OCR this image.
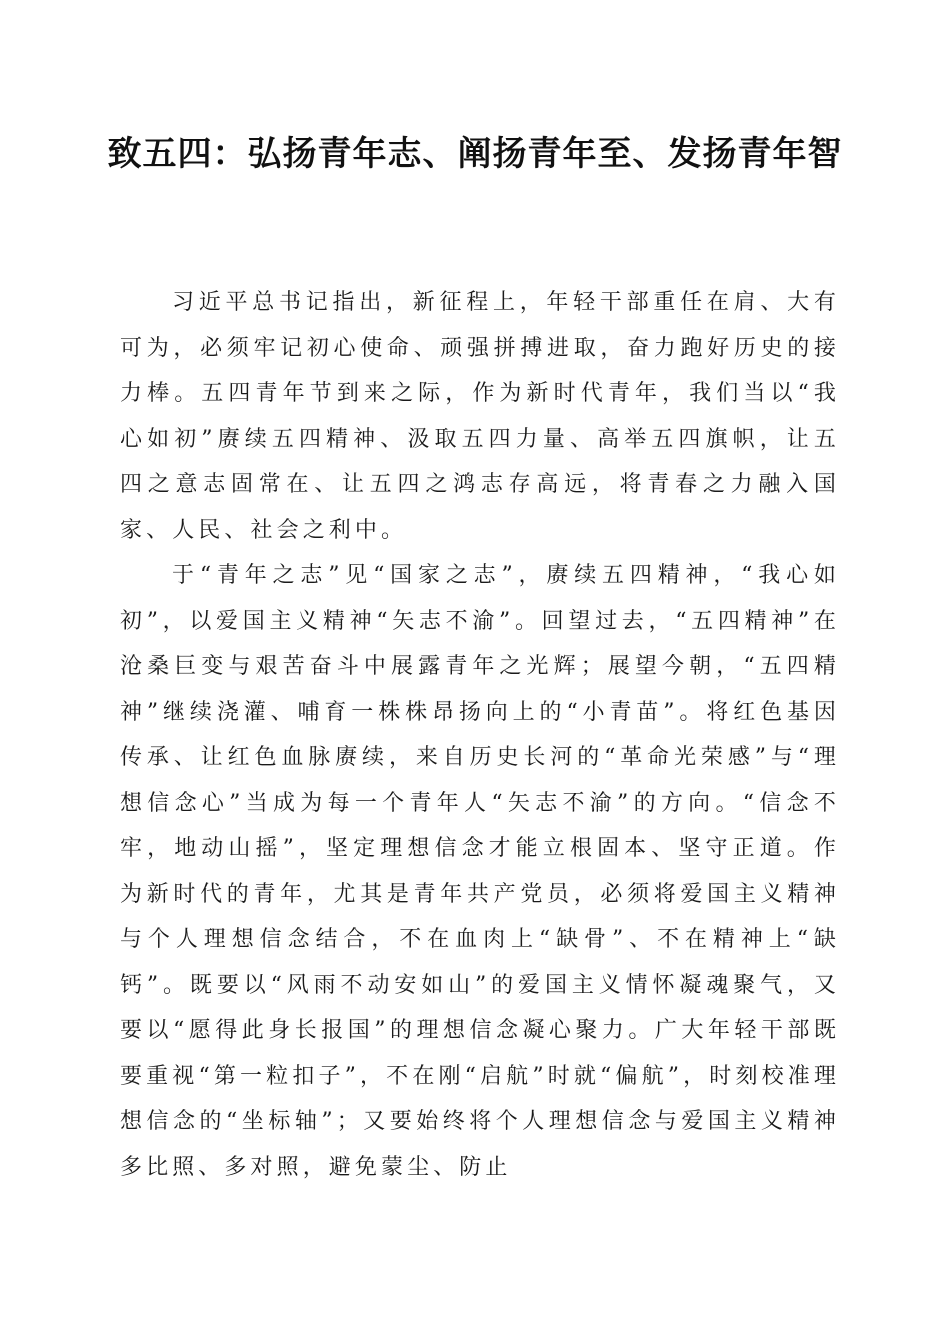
致五四：弘扬青年志、阐扬青年至、发扬青年智

习近平总书记指出，新征程上，年轻干部重任在肩、大有可为，必须牢记初心使命、顽强拼搏进取，奋力跑好历史的接力棒。五四青年节到来之际，作为新时代青年，我们当以“我心如初”赓续五四精神、汲取五四力量、高举五四旗帜，让五四之意志固常在、让五四之鸿志存高远，将青春之力融入国家、人民、社会之利中。

于“青年之志”见“国家之志”，赓续五四精神，“我心如初”，以爱国主义精神“矢志不渝”。回望过去，“五四精神”在沧桑巨变与艰苦奋斗中展露青年之光辉；展望今朝，“五四精神”继续浇灌、哺育一株株昂扬向上的“小青苗”。将红色基因传承、让红色血脉赓续，来自历史长河的“革命光荣感”与“理想信念心”当成为每一个青年人“矢志不渝”的方向。“信念不牢，地动山摇”，坚定理想信念才能立根固本、坚守正道。作为新时代的青年，尤其是青年共产党员，必须将爱国主义精神与个人理想信念结合，不在血肉上“缺骨”、不在精神上“缺钙”。既要以“风雨不动安如山”的爱国主义情怀凝魂聚气，又要以“愿得此身长报国”的理想信念凝心聚力。广大年轻干部既要重视“第一粒扣子”，不在刚“启航”时就“偏航”，时刻校准理想信念的“坐标轴”；又要始终将个人理想信念与爱国主义精神多比照、多对照，避免蒙尘、防止
